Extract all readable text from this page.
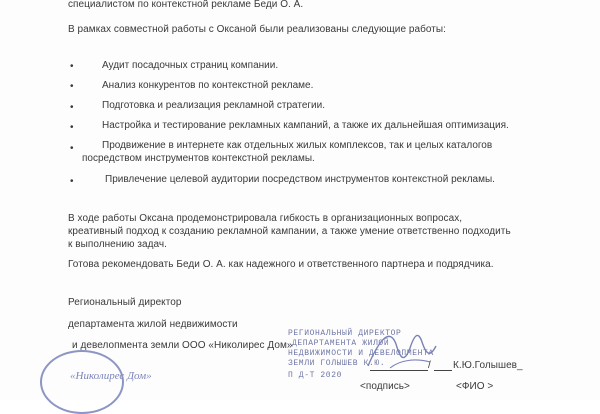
специалистом по контекстной рекламе Беди О. А.
В рамках совместной работы с Оксаной были реализованы следующие работы:
•	Аудит посадочных страниц компании.
•	Анализ конкурентов по контекстной рекламе.
•	Подготовка и реализация рекламной стратегии.
•	Настройка и тестирование рекламных кампаний, а также их дальнейшая оптимизация.
•	Продвижение в интернете как отдельных жилых комплексов, так и целых каталогов посредством инструментов контекстной рекламы.
•	Привлечение целевой аудитории посредством инструментов контекстной рекламы.
В ходе работы Оксана продемонстрировала гибкость в организационных вопросах,
креативный подход к созданию рекламной кампании, а также умение ответственно подходить
к выполнению задач.
Готова рекомендовать Беди О. А. как надежного и ответственного партнера и подрядчика.
Региональный директор
департамента жилой недвижимости
и девелопмента земли ООО «Николирес Дом»
«Николирес Дом»
РЕГИОНАЛЬНЫЙ ДИРЕКТОР
ДЕПАРТАМЕНТА ЖИЛОЙ
НЕДВИЖИМОСТИ И ДЕВЕЛОПМЕНТА
ЗЕМЛИ ГОЛЫШЕВ К.Ю.
П Д-Т 2020
/ К.Ю.Голышев_
<подпись>	<ФИО >
